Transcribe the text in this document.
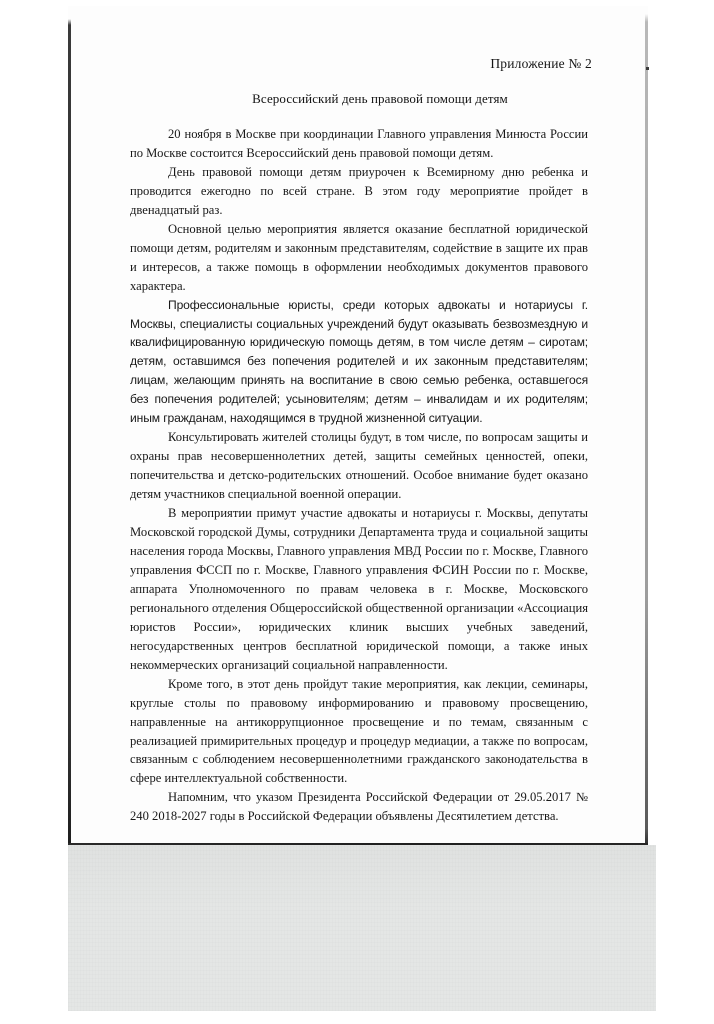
Приложение № 2
Всероссийский день правовой помощи детям

20 ноября в Москве при координации Главного управления Минюста России по Москве состоится Всероссийский день правовой помощи детям.

День правовой помощи детям приурочен к Всемирному дню ребенка и проводится ежегодно по всей стране. В этом году мероприятие пройдет в двенадцатый раз.

Основной целью мероприятия является оказание бесплатной юридической помощи детям, родителям и законным представителям, содействие в защите их прав и интересов, а также помощь в оформлении необходимых документов правового характера.

Профессиональные юристы, среди которых адвокаты и нотариусы г. Москвы, специалисты социальных учреждений будут оказывать безвозмездную и квалифицированную юридическую помощь детям, в том числе детям – сиротам; детям, оставшимся без попечения родителей и их законным представителям; лицам, желающим принять на воспитание в свою семью ребенка, оставшегося без попечения родителей; усыновителям; детям – инвалидам и их родителям; иным гражданам, находящимся в трудной жизненной ситуации.

Консультировать жителей столицы будут, в том числе, по вопросам защиты и охраны прав несовершеннолетних детей, защиты семейных ценностей, опеки, попечительства и детско-родительских отношений. Особое внимание будет оказано детям участников специальной военной операции.

В мероприятии примут участие адвокаты и нотариусы г. Москвы, депутаты Московской городской Думы, сотрудники Департамента труда и социальной защиты населения города Москвы, Главного управления МВД России по г. Москве, Главного управления ФССП по г. Москве, Главного управления ФСИН России по г. Москве, аппарата Уполномоченного по правам человека в г. Москве, Московского регионального отделения Общероссийской общественной организации «Ассоциация юристов России», юридических клиник высших учебных заведений, негосударственных центров бесплатной юридической помощи, а также иных некоммерческих организаций социальной направленности.

Кроме того, в этот день пройдут такие мероприятия, как лекции, семинары, круглые столы по правовому информированию и правовому просвещению, направленные на антикоррупционное просвещение и по темам, связанным с реализацией примирительных процедур и процедур медиации, а также по вопросам, связанным с соблюдением несовершеннолетними гражданского законодательства в сфере интеллектуальной собственности.

Напомним, что указом Президента Российской Федерации от 29.05.2017 № 240 2018-2027 годы в Российской Федерации объявлены Десятилетием детства.
